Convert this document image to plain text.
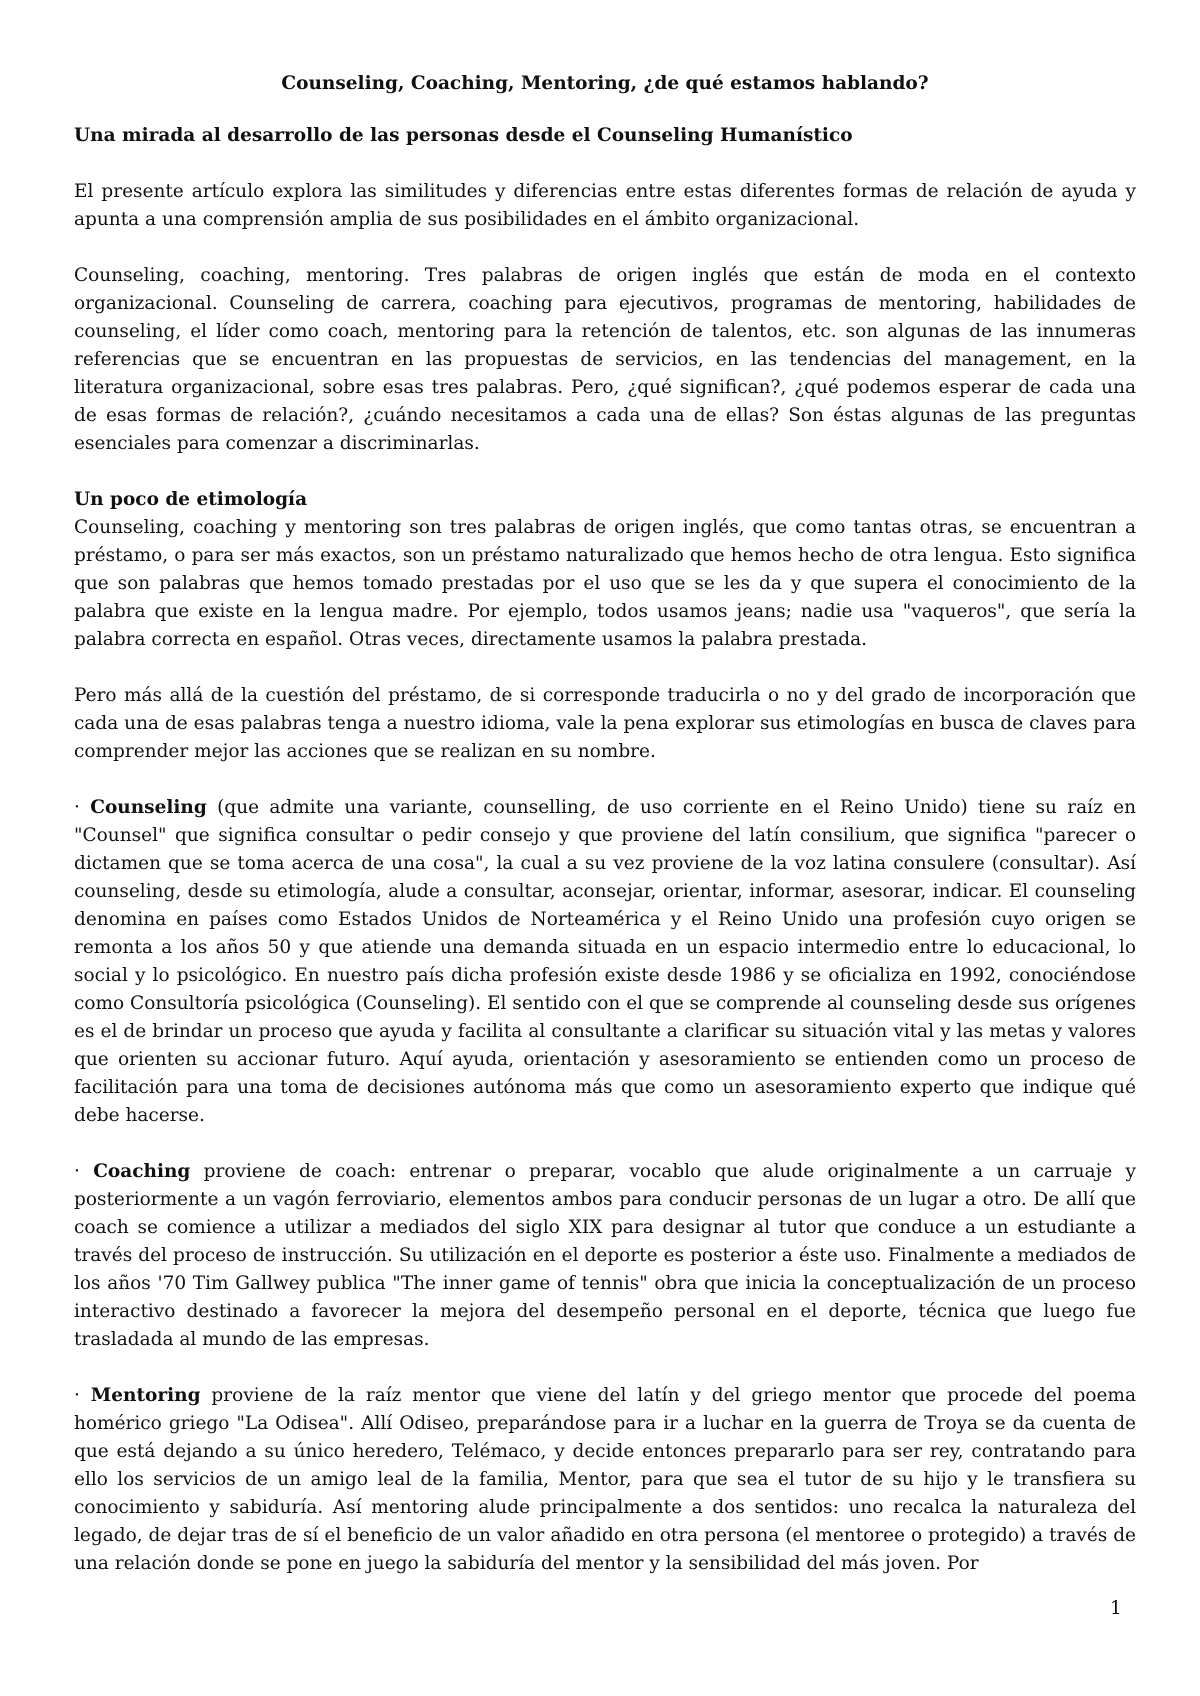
Counseling, Coaching, Mentoring, ¿de qué estamos hablando?
Una mirada al desarrollo de las personas desde el Counseling Humanístico

El presente artículo explora las similitudes y diferencias entre estas diferentes formas de relación de ayuda y apunta a una comprensión amplia de sus posibilidades en el ámbito organizacional.

Counseling, coaching, mentoring. Tres palabras de origen inglés que están de moda en el contexto organizacional. Counseling de carrera, coaching para ejecutivos, programas de mentoring, habilidades de counseling, el líder como coach, mentoring para la retención de talentos, etc. son algunas de las innumeras referencias que se encuentran en las propuestas de servicios, en las tendencias del management, en la literatura organizacional, sobre esas tres palabras. Pero, ¿qué significan?, ¿qué podemos esperar de cada una de esas formas de relación?, ¿cuándo necesitamos a cada una de ellas? Son éstas algunas de las preguntas esenciales para comenzar a discriminarlas.

Un poco de etimología

Counseling, coaching y mentoring son tres palabras de origen inglés, que como tantas otras, se encuentran a préstamo, o para ser más exactos, son un préstamo naturalizado que hemos hecho de otra lengua. Esto significa que son palabras que hemos tomado prestadas por el uso que se les da y que supera el conocimiento de la palabra que existe en la lengua madre. Por ejemplo, todos usamos jeans; nadie usa "vaqueros", que sería la palabra correcta en español. Otras veces, directamente usamos la palabra prestada.

Pero más allá de la cuestión del préstamo, de si corresponde traducirla o no y del grado de incorporación que cada una de esas palabras tenga a nuestro idioma, vale la pena explorar sus etimologías en busca de claves para comprender mejor las acciones que se realizan en su nombre.

· Counseling (que admite una variante, counselling, de uso corriente en el Reino Unido) tiene su raíz en "Counsel" que significa consultar o pedir consejo y que proviene del latín consilium, que significa "parecer o dictamen que se toma acerca de una cosa", la cual a su vez proviene de la voz latina consulere (consultar). Así counseling, desde su etimología, alude a consultar, aconsejar, orientar, informar, asesorar, indicar. El counseling denomina en países como Estados Unidos de Norteamérica y el Reino Unido una profesión cuyo origen se remonta a los años 50 y que atiende una demanda situada en un espacio intermedio entre lo educacional, lo social y lo psicológico. En nuestro país dicha profesión existe desde 1986 y se oficializa en 1992, conociéndose como Consultoría psicológica (Counseling). El sentido con el que se comprende al counseling desde sus orígenes es el de brindar un proceso que ayuda y facilita al consultante a clarificar su situación vital y las metas y valores que orienten su accionar futuro. Aquí ayuda, orientación y asesoramiento se entienden como un proceso de facilitación para una toma de decisiones autónoma más que como un asesoramiento experto que indique qué debe hacerse.

· Coaching proviene de coach: entrenar o preparar, vocablo que alude originalmente a un carruaje y posteriormente a un vagón ferroviario, elementos ambos para conducir personas de un lugar a otro. De allí que coach se comience a utilizar a mediados del siglo XIX para designar al tutor que conduce a un estudiante a través del proceso de instrucción. Su utilización en el deporte es posterior a éste uso. Finalmente a mediados de los años '70 Tim Gallwey publica "The inner game of tennis" obra que inicia la conceptualización de un proceso interactivo destinado a favorecer la mejora del desempeño personal en el deporte, técnica que luego fue trasladada al mundo de las empresas.

· Mentoring proviene de la raíz mentor que viene del latín y del griego mentor que procede del poema homérico griego "La Odisea". Allí Odiseo, preparándose para ir a luchar en la guerra de Troya se da cuenta de que está dejando a su único heredero, Telémaco, y decide entonces prepararlo para ser rey, contratando para ello los servicios de un amigo leal de la familia, Mentor, para que sea el tutor de su hijo y le transfiera su conocimiento y sabiduría. Así mentoring alude principalmente a dos sentidos: uno recalca la naturaleza del legado, de dejar tras de sí el beneficio de un valor añadido en otra persona (el mentoree o protegido) a través de una relación donde se pone en juego la sabiduría del mentor y la sensibilidad del más joven. Por

1
